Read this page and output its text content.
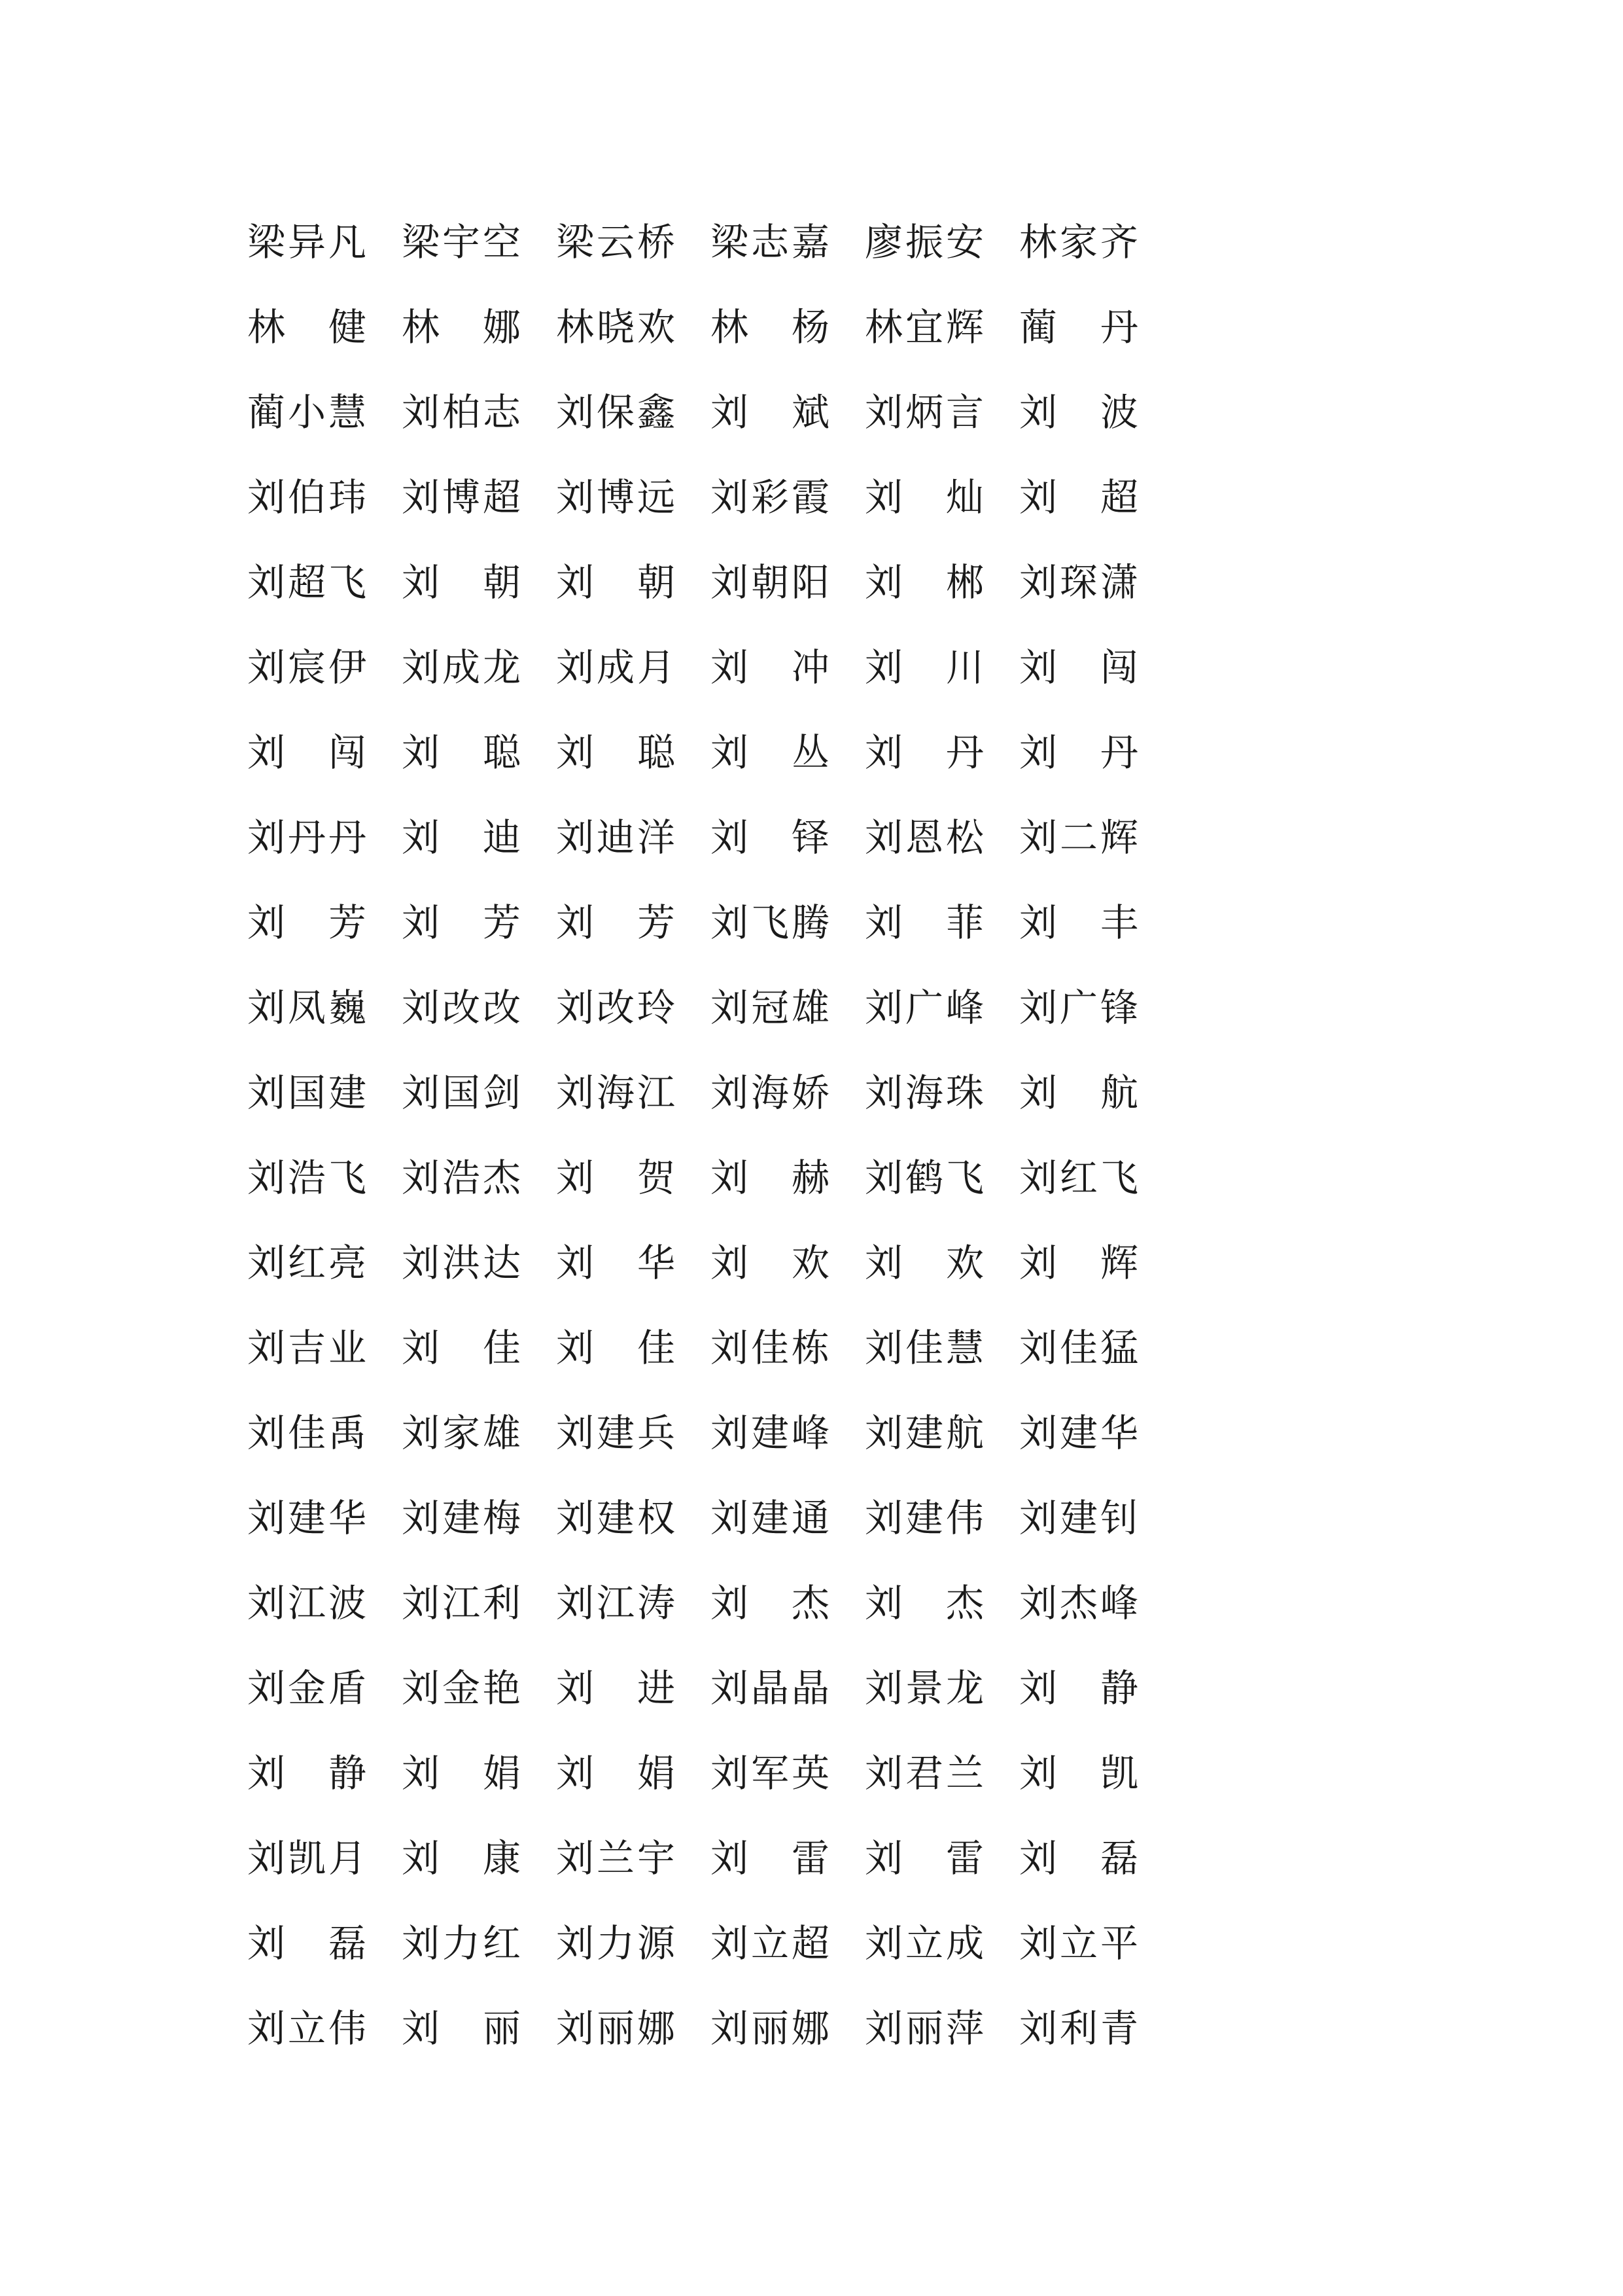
梁异凡 梁宇空 梁云桥 梁志嘉 廖振安 林家齐
林　健 林　娜 林晓欢 林　杨 林宜辉 蔺　丹
蔺小慧 刘柏志 刘保鑫 刘　斌 刘炳言 刘　波
刘伯玮 刘博超 刘博远 刘彩霞 刘　灿 刘　超
刘超飞 刘　朝 刘　朝 刘朝阳 刘　郴 刘琛潇
刘宸伊 刘成龙 刘成月 刘　冲 刘　川 刘　闯
刘　闯 刘　聪 刘　聪 刘　丛 刘　丹 刘　丹
刘丹丹 刘　迪 刘迪洋 刘　铎 刘恩松 刘二辉
刘　芳 刘　芳 刘　芳 刘飞腾 刘　菲 刘　丰
刘凤巍 刘改改 刘改玲 刘冠雄 刘广峰 刘广锋
刘国建 刘国剑 刘海江 刘海娇 刘海珠 刘　航
刘浩飞 刘浩杰 刘　贺 刘　赫 刘鹤飞 刘红飞
刘红亮 刘洪达 刘　华 刘　欢 刘　欢 刘　辉
刘吉业 刘　佳 刘　佳 刘佳栋 刘佳慧 刘佳猛
刘佳禹 刘家雄 刘建兵 刘建峰 刘建航 刘建华
刘建华 刘建梅 刘建权 刘建通 刘建伟 刘建钊
刘江波 刘江利 刘江涛 刘　杰 刘　杰 刘杰峰
刘金盾 刘金艳 刘　进 刘晶晶 刘景龙 刘　静
刘　静 刘　娟 刘　娟 刘军英 刘君兰 刘　凯
刘凯月 刘　康 刘兰宇 刘　雷 刘　雷 刘　磊
刘　磊 刘力红 刘力源 刘立超 刘立成 刘立平
刘立伟 刘　丽 刘丽娜 刘丽娜 刘丽萍 刘利青
